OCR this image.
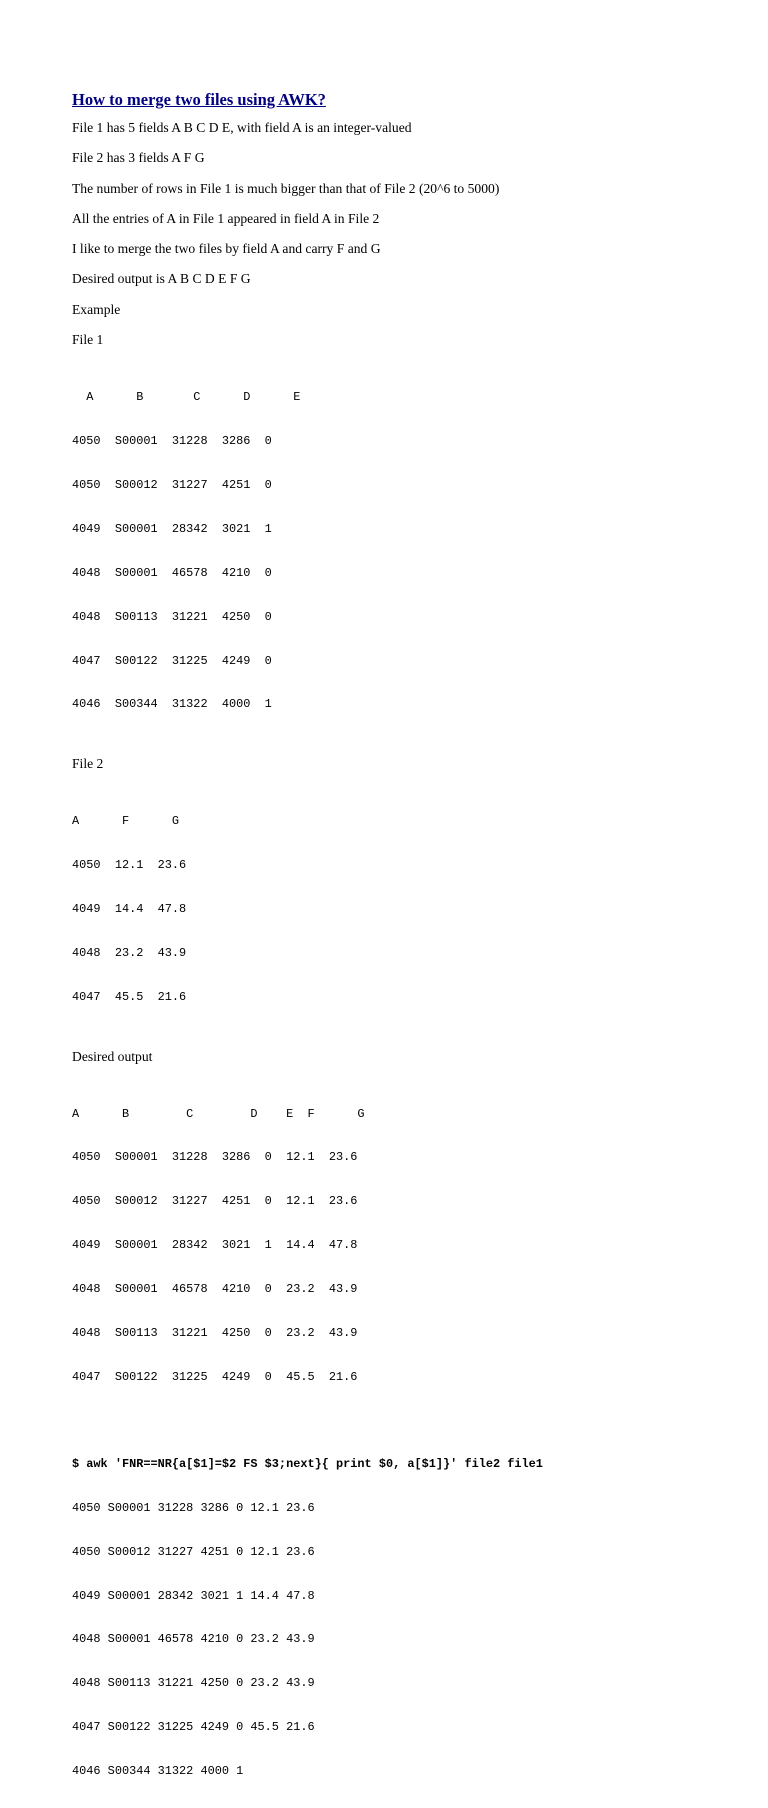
How to merge two files using AWK?

File 1 has 5 fields A B C D E, with field A is an integer-valued

File 2 has 3 fields A F G

The number of rows in File 1 is much bigger than that of File 2 (20^6 to 5000)

All the entries of A in File 1 appeared in field A in File 2

I like to merge the two files by field A and carry F and G

Desired output is A B C D E F G

Example

File 1

A      B       C      D      E

4050  S00001  31228  3286  0

4050  S00012  31227  4251  0

4049  S00001  28342  3021  1

4048  S00001  46578  4210  0

4048  S00113  31221  4250  0

4047  S00122  31225  4249  0

4046  S00344  31322  4000  1

File 2

A      F      G

4050  12.1  23.6

4049  14.4  47.8

4048  23.2  43.9

4047  45.5  21.6

Desired output

A      B        C        D    E  F      G

4050  S00001  31228  3286  0  12.1  23.6

4050  S00012  31227  4251  0  12.1  23.6

4049  S00001  28342  3021  1  14.4  47.8

4048  S00001  46578  4210  0  23.2  43.9

4048  S00113  31221  4250  0  23.2  43.9

4047  S00122  31225  4249  0  45.5  21.6

$ awk 'FNR==NR{a[$1]=$2 FS $3;next}{ print $0, a[$1]}' file2 file1

4050 S00001 31228 3286 0 12.1 23.6

4050 S00012 31227 4251 0 12.1 23.6

4049 S00001 28342 3021 1 14.4 47.8

4048 S00001 46578 4210 0 23.2 43.9

4048 S00113 31221 4250 0 23.2 43.9

4047 S00122 31225 4249 0 45.5 21.6

4046 S00344 31322 4000 1
